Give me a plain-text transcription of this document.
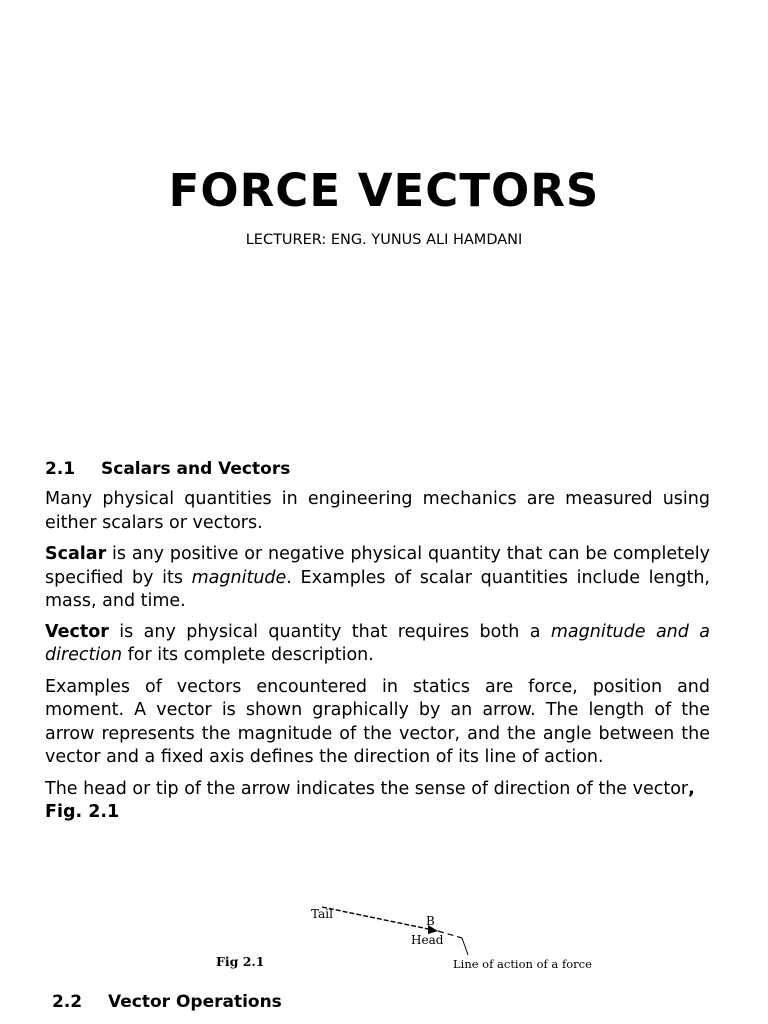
FORCE VECTORS
LECTURER: ENG. YUNUS ALI HAMDANI
2.1 Scalars and Vectors

Many physical quantities in engineering mechanics are measured using either scalars or vectors.

Scalar is any positive or negative physical quantity that can be completely specified by its magnitude. Examples of scalar quantities include length, mass, and time.

Vector is any physical quantity that requires both a magnitude and a direction for its complete description.

Examples of vectors encountered in statics are force, position and moment. A vector is shown graphically by an arrow. The length of the arrow represents the magnitude of the vector, and the angle between the vector and a fixed axis defines the direction of its line of action.

The head or tip of the arrow indicates the sense of direction of the vector, Fig. 2.1

Tail	B
Head
Line of action of a force
Fig 2.1
2.2 Vector Operations
